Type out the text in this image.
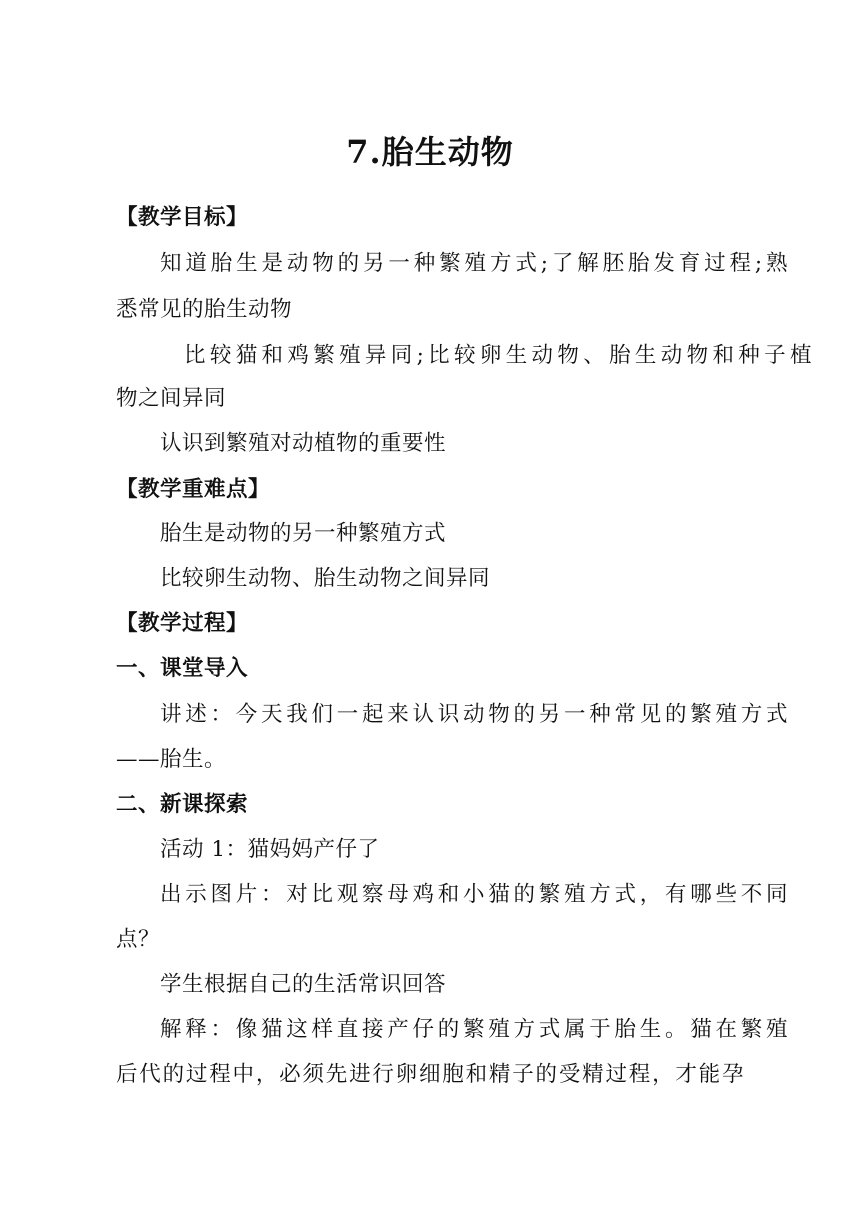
7.胎生动物
【教学目标】
知道胎生是动物的另一种繁殖方式;了解胚胎发育过程;熟
悉常见的胎生动物
比较猫和鸡繁殖异同;比较卵生动物、胎生动物和种子植
物之间异同
认识到繁殖对动植物的重要性
【教学重难点】
胎生是动物的另一种繁殖方式
比较卵生动物、胎生动物之间异同
【教学过程】
一、课堂导入
讲述：今天我们一起来认识动物的另一种常见的繁殖方式
——胎生。
二、新课探索
活动 1：猫妈妈产仔了
出示图片：对比观察母鸡和小猫的繁殖方式，有哪些不同
点？
学生根据自己的生活常识回答
解释：像猫这样直接产仔的繁殖方式属于胎生。猫在繁殖
后代的过程中，必须先进行卵细胞和精子的受精过程，才能孕
